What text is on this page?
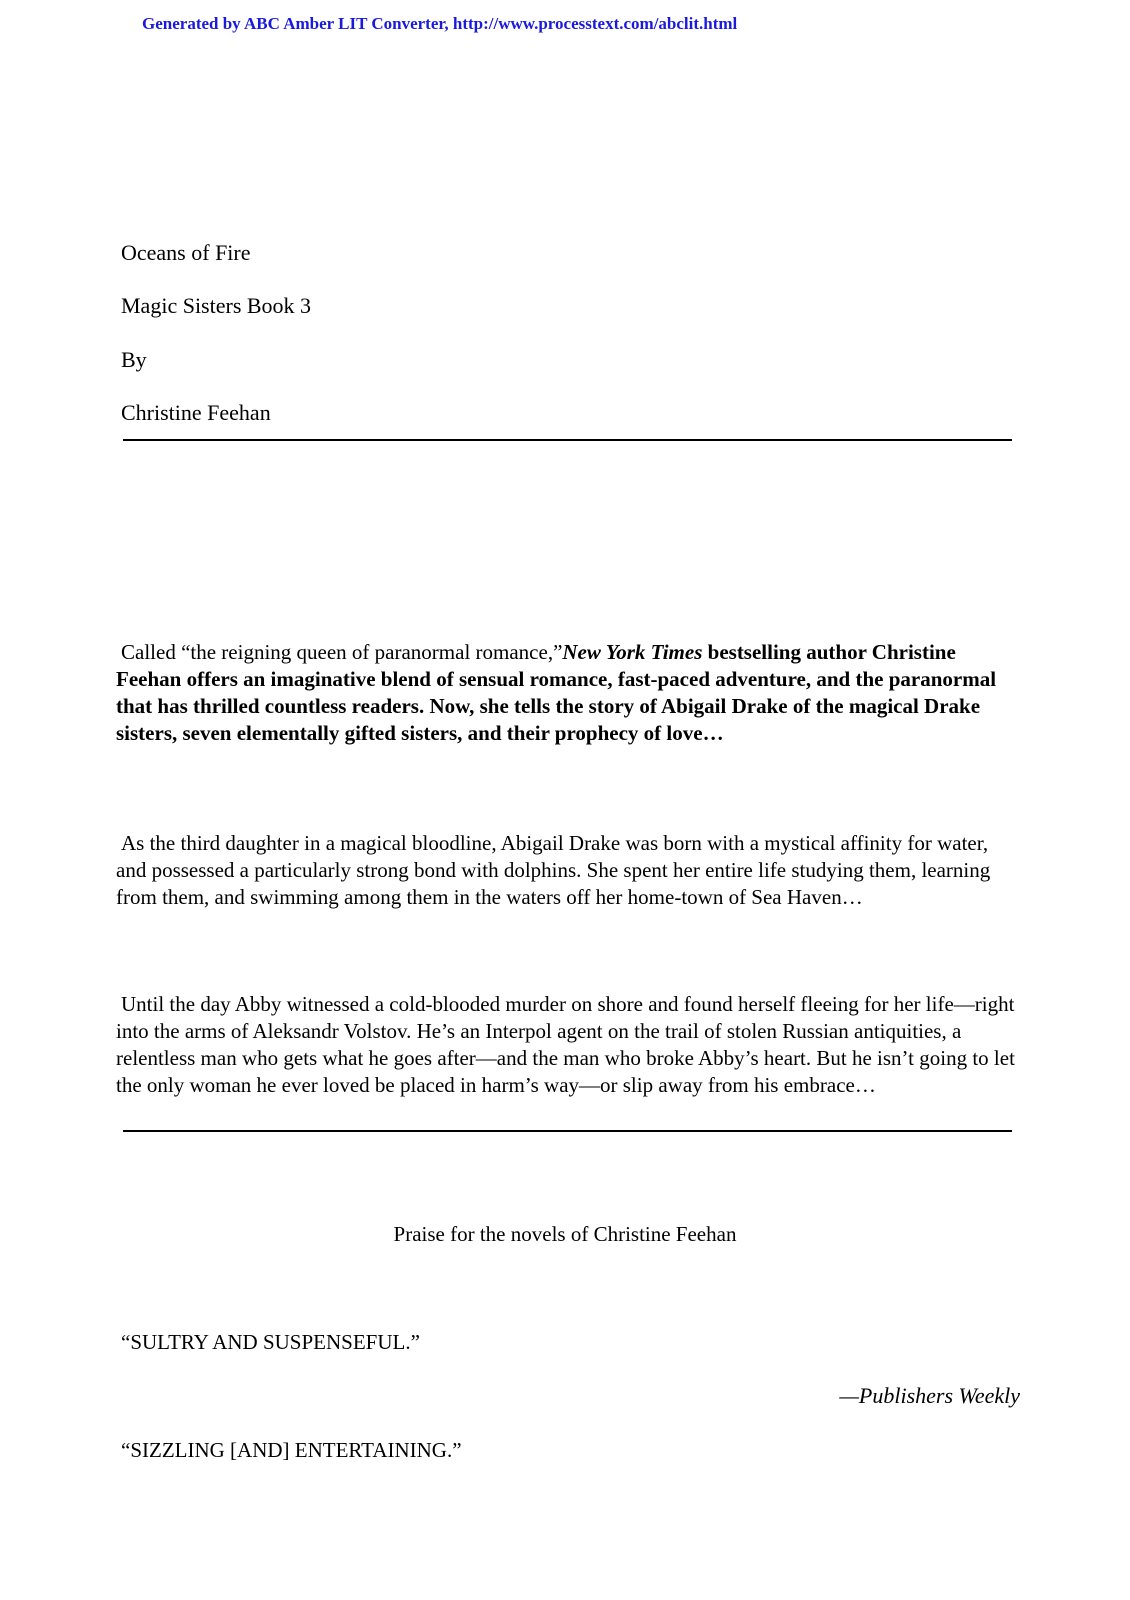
Generated by ABC Amber LIT Converter, http://www.processtext.com/abclit.html
Oceans of Fire
Magic Sisters Book 3
By
Christine Feehan
Called “the reigning queen of paranormal romance,”New York Times bestselling author Christine Feehan offers an imaginative blend of sensual romance, fast-paced adventure, and the paranormal that has thrilled countless readers. Now, she tells the story of Abigail Drake of the magical Drake sisters, seven elementally gifted sisters, and their prophecy of love…
As the third daughter in a magical bloodline, Abigail Drake was born with a mystical affinity for water, and possessed a particularly strong bond with dolphins. She spent her entire life studying them, learning from them, and swimming among them in the waters off her home-town of Sea Haven…
Until the day Abby witnessed a cold-blooded murder on shore and found herself fleeing for her life—right into the arms of Aleksandr Volstov. He’s an Interpol agent on the trail of stolen Russian antiquities, a relentless man who gets what he goes after—and the man who broke Abby’s heart. But he isn’t going to let the only woman he ever loved be placed in harm’s way—or slip away from his embrace…
Praise for the novels of Christine Feehan
“SULTRY AND SUSPENSEFUL.”
—Publishers Weekly
“SIZZLING [AND] ENTERTAINING.”
